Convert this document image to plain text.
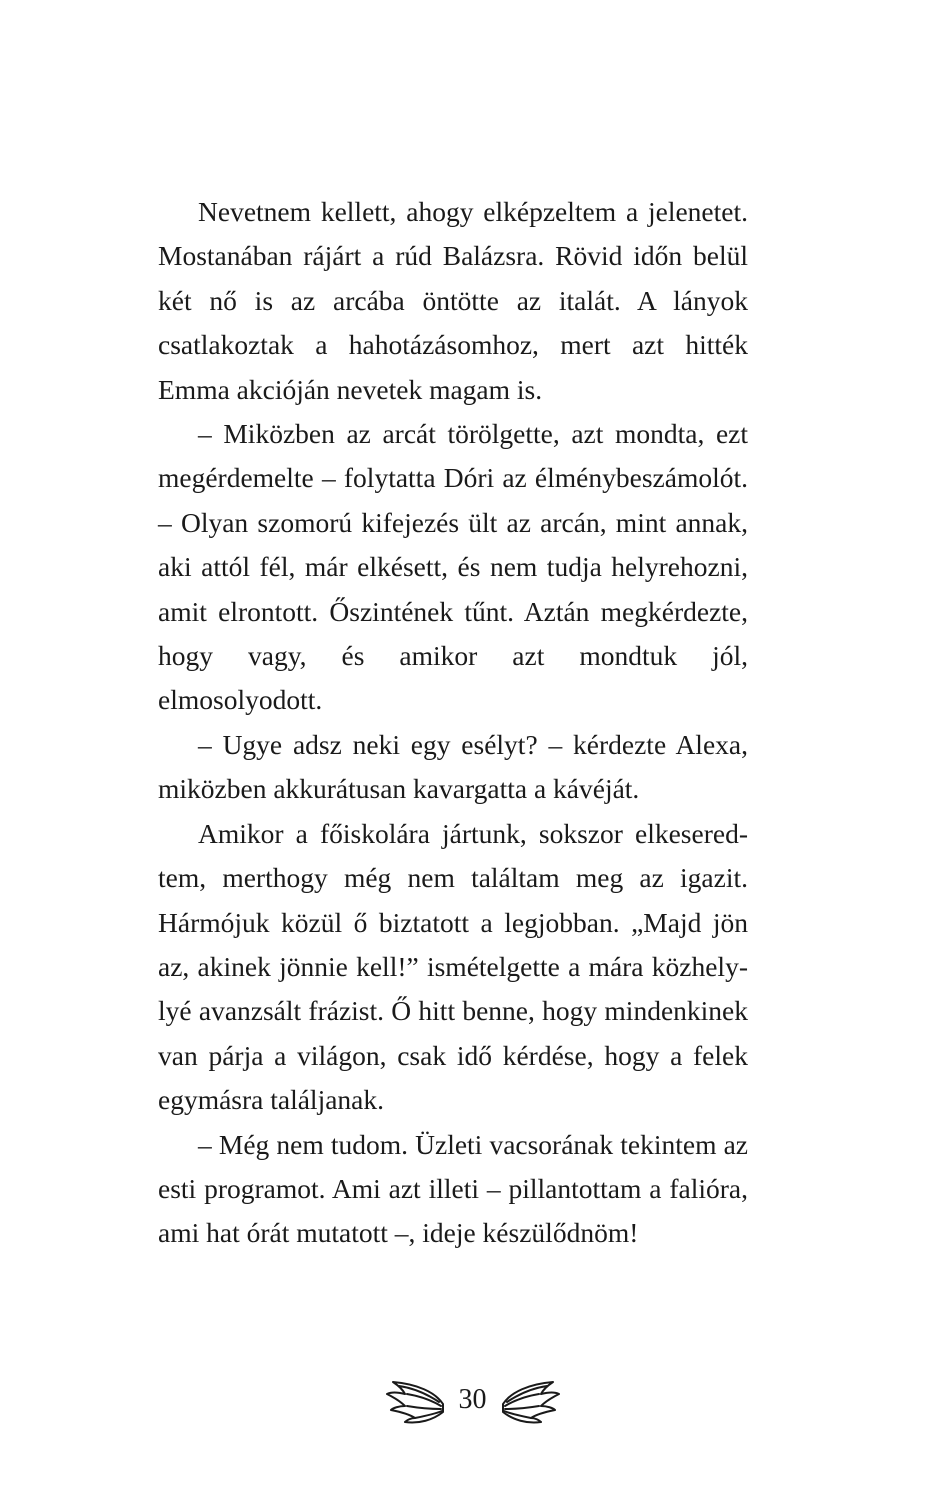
Nevetnem kellett, ahogy elképzeltem a jelenetet. Mostanában rájárt a rúd Balázsra. Rövid időn belül két nő is az arcába öntötte az italát. A lányok csatlakoztak a hahotázásomhoz, mert azt hitték Emma akcióján nevetek magam is.

– Miközben az arcát törölgette, azt mondta, ezt megérdemelte – folytatta Dóri az élménybeszámolót. – Olyan szomorú kifejezés ült az arcán, mint annak, aki attól fél, már elkésett, és nem tudja helyrehozni, amit elrontott. Őszintének tűnt. Aztán megkérdezte, hogy vagy, és amikor azt mondtuk jól, elmosolyodott.

– Ugye adsz neki egy esélyt? – kérdezte Alexa, miközben akkurátusan kavargatta a kávéját.

Amikor a főiskolára jártunk, sokszor elkeseredtem, merthogy még nem találtam meg az igazit. Hármójuk közül ő biztatott a legjobban. „Majd jön az, akinek jönnie kell!” ismételgette a mára közhelylyé avanzsált frázist. Ő hitt benne, hogy mindenkinek van párja a világon, csak idő kérdése, hogy a felek egymásra találjanak.

– Még nem tudom. Üzleti vacsorának tekintem az esti programot. Ami azt illeti – pillantottam a falióra, ami hat órát mutatott –, ideje készülődnöm!

30
